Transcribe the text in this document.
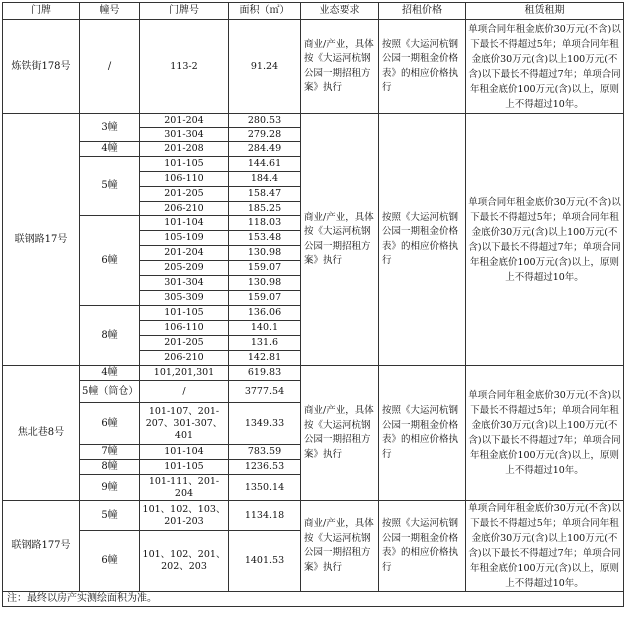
门牌	幢号	门牌号	面积（㎡）	业态要求	招租价格	租赁租期
炼铁街178号	/	113-2	91.24	商业/产业，具体按《大运河杭钢公园一期招租方案》执行	按照《大运河杭钢公园一期租金价格表》的相应价格执行	单项合同年租金底价30万元(不含)以下最长不得超过5年；单项合同年租金底价30万元(含)以上100万元(不含)以下最长不得超过7年；单项合同年租金底价100万元(含)以上，原则上不得超过10年。
联钢路17号	3幢	201-204	280.53	商业/产业，具体按《大运河杭钢公园一期招租方案》执行	按照《大运河杭钢公园一期租金价格表》的相应价格执行	单项合同年租金底价30万元(不含)以下最长不得超过5年；单项合同年租金底价30万元(含)以上100万元(不含)以下最长不得超过7年；单项合同年租金底价100万元(含)以上，原则上不得超过10年。
		301-304	279.28			
	4幢	201-208	284.49			
	5幢	101-105	144.61			
		106-110	184.4			
		201-205	158.47			
		206-210	185.25			
	6幢	101-104	118.03			
		105-109	153.48			
		201-204	130.98			
		205-209	159.07			
		301-304	130.98			
		305-309	159.07			
	8幢	101-105	136.06			
		106-110	140.1			
		201-205	131.6			
		206-210	142.81			
焦北巷8号	4幢	101,201,301	619.83	商业/产业，具体按《大运河杭钢公园一期招租方案》执行	按照《大运河杭钢公园一期租金价格表》的相应价格执行	单项合同年租金底价30万元(不含)以下最长不得超过5年；单项合同年租金底价30万元(含)以上100万元(不含)以下最长不得超过7年；单项合同年租金底价100万元(含)以上，原则上不得超过10年。
	5幢（筒仓）	/	3777.54			
	6幢	101-107、201-207、301-307、401	1349.33			
	7幢	101-104	783.59			
	8幢	101-105	1236.53			
	9幢	101-111、201-204	1350.14			
联钢路177号	5幢	101、102、103、201-203	1134.18	商业/产业，具体按《大运河杭钢公园一期招租方案》执行	按照《大运河杭钢公园一期租金价格表》的相应价格执行	单项合同年租金底价30万元(不含)以下最长不得超过5年；单项合同年租金底价30万元(含)以上100万元(不含)以下最长不得超过7年；单项合同年租金底价100万元(含)以上，原则上不得超过10年。
	6幢	101、102、201、202、203	1401.53			
注：最终以房产实测绘面积为准。						
